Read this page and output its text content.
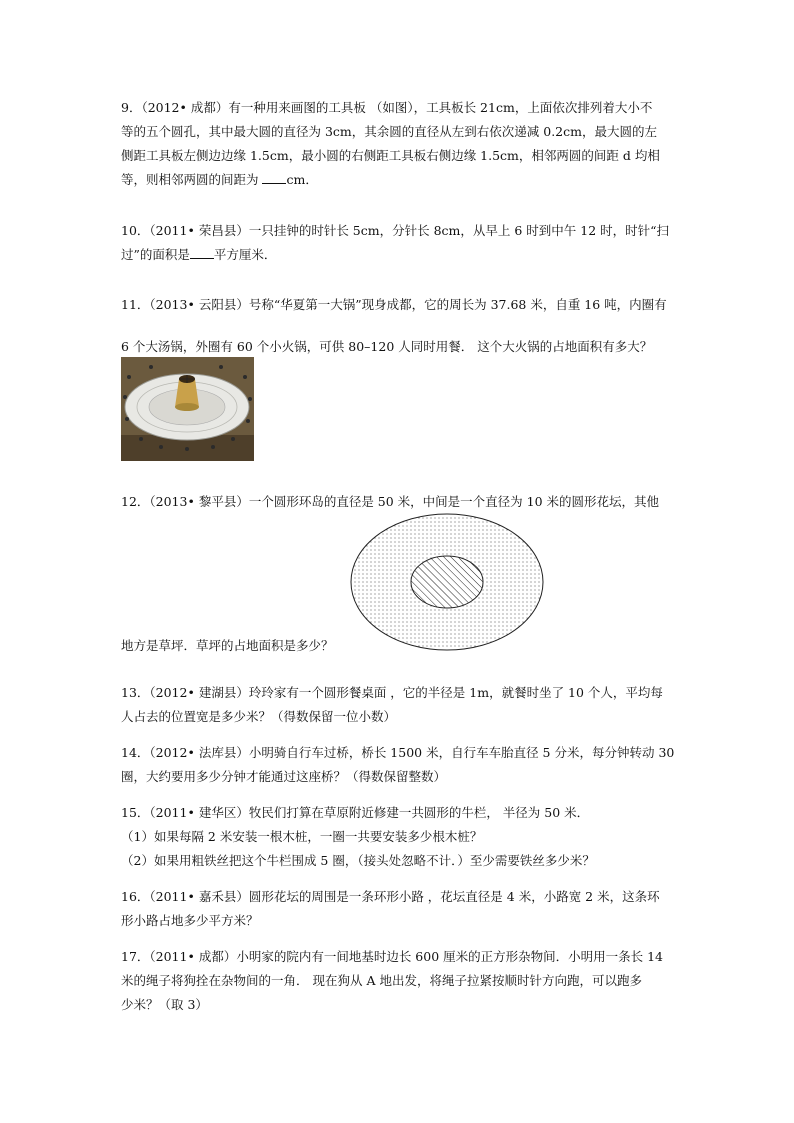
9．（2012• 成都）有一种用来画图的工具板 （如图），工具板长 21cm，上面依次排列着大小不

等的五个圆孔，其中最大圆的直径为 3cm，其余圆的直径从左到右依次递减 0.2cm，最大圆的左

侧距工具板左侧边边缘 1.5cm，最小圆的右侧距工具板右侧边缘 1.5cm，相邻两圆的间距 d 均相

等，则相邻两圆的间距为 cm．

10．（2011• 荣昌县）一只挂钟的时针长 5cm，分针长 8cm，从早上 6 时到中午 12 时，时针“扫

过”的面积是 平方厘米．

11．（2013• 云阳县）号称“华夏第一大锅”现身成都，它的周长为 37.68 米，自重 16 吨，内圈有

6 个大汤锅，外圈有 60 个小火锅，可供 80–120 人同时用餐． 这个大火锅的占地面积有多大？

12．（2013• 黎平县）一个圆形环岛的直径是 50 米，中间是一个直径为 10 米的圆形花坛，其他

地方是草坪．草坪的占地面积是多少？

13．（2012• 建湖县）玲玲家有一个圆形餐桌面 ，它的半径是 1m，就餐时坐了 10 个人，平均每

人占去的位置宽是多少米？（得数保留一位小数）

14．（2012• 法库县）小明骑自行车过桥，桥长 1500 米，自行车车胎直径 5 分米，每分钟转动 30

圈，大约要用多少分钟才能通过这座桥？（得数保留整数）

15．（2011• 建华区）牧民们打算在草原附近修建一共圆形的牛栏， 半径为 50 米．

（1）如果每隔 2 米安装一根木桩，一圈一共要安装多少根木桩？

（2）如果用粗铁丝把这个牛栏围成 5 圈，（接头处忽略不计．）至少需要铁丝多少米？

16．（2011• 嘉禾县）圆形花坛的周围是一条环形小路 ，花坛直径是 4 米，小路宽 2 米，这条环

形小路占地多少平方米？

17．（2011• 成都）小明家的院内有一间地基时边长 600 厘米的正方形杂物间．小明用一条长 14

米的绳子将狗拴在杂物间的一角． 现在狗从 A 地出发，将绳子拉紧按顺时针方向跑，可以跑多

少米？（取 3）
